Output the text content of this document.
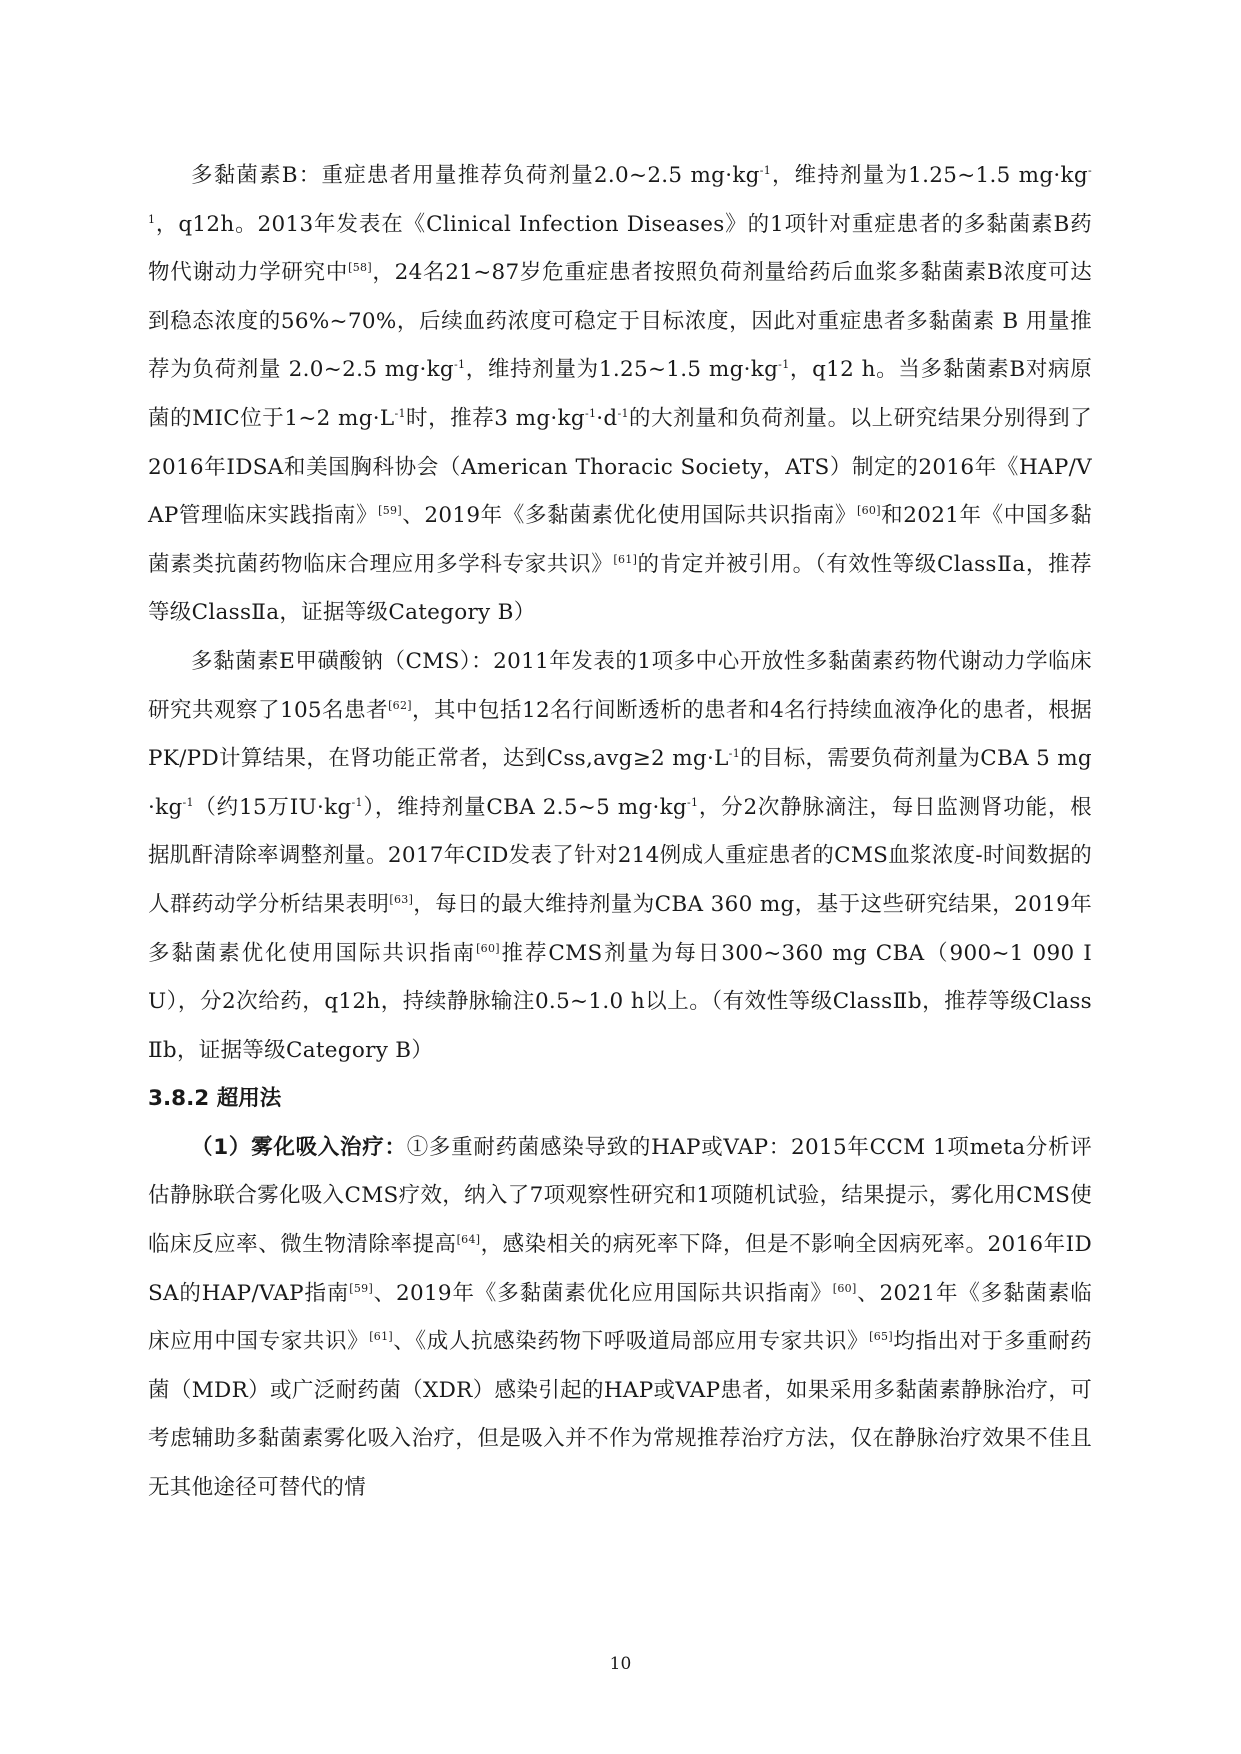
多黏菌素B：重症患者用量推荐负荷剂量2.0~2.5 $mg\cdot kg^{-1}$，维持剂量为1.25~1.5 $mg\cdot kg^{-1}$，q12h。2013年发表在《Clinical Infection Diseases》的1项针对重症患者的多黏菌素B药物代谢动力学研究中[58]，24名21~87岁危重症患者按照负荷剂量给药后血浆多黏菌素B浓度可达到稳态浓度的56%~70%，后续血药浓度可稳定于目标浓度，因此对重症患者多黏菌素 B 用量推荐为负荷剂量 2.0~2.5 $mg\cdot kg^{-1}$，维持剂量为1.25~1.5 $mg\cdot kg^{-1}$，q12 h。当多黏菌素B对病原菌的MIC位于1~2 $mg\cdot L^{-1}$时，推荐3 $mg\cdot kg^{-1}\cdot d^{-1}$的大剂量和负荷剂量。以上研究结果分别得到了2016年IDSA和美国胸科协会（American Thoracic Society，ATS）制定的2016年《HAP/VAP管理临床实践指南》[59]、2019年《多黏菌素优化使用国际共识指南》[60]和2021年《中国多黏菌素类抗菌药物临床合理应用多学科专家共识》[61]的肯定并被引用。（有效性等级ClassⅡa，推荐等级ClassⅡa，证据等级Category B）

多黏菌素E甲磺酸钠（CMS）：2011年发表的1项多中心开放性多黏菌素药物代谢动力学临床研究共观察了105名患者[62]，其中包括12名行间断透析的患者和4名行持续血液净化的患者，根据PK/PD计算结果，在肾功能正常者，达到Css,avg≥2 $mg\cdot L^{-1}$的目标，需要负荷剂量为CBA 5 $mg\cdot kg^{-1}$（约15万$IU\cdot kg^{-1}$），维持剂量CBA 2.5~5 $mg\cdot kg^{-1}$，分2次静脉滴注，每日监测肾功能，根据肌酐清除率调整剂量。2017年CID发表了针对214例成人重症患者的CMS血浆浓度-时间数据的人群药动学分析结果表明[63]，每日的最大维持剂量为CBA 360 mg，基于这些研究结果，2019年多黏菌素优化使用国际共识指南[60]推荐CMS剂量为每日300~360 mg CBA（900~1 090 IU），分2次给药，q12h，持续静脉输注0.5~1.0 h以上。（有效性等级ClassⅡb，推荐等级ClassⅡb，证据等级Category B）

3.8.2 超用法

（1）雾化吸入治疗：①多重耐药菌感染导致的HAP或VAP：2015年CCM 1项meta分析评估静脉联合雾化吸入CMS疗效，纳入了7项观察性研究和1项随机试验，结果提示，雾化用CMS使临床反应率、微生物清除率提高[64]，感染相关的病死率下降，但是不影响全因病死率。2016年IDSA的HAP/VAP指南[59]、2019年《多黏菌素优化应用国际共识指南》[60]、2021年《多黏菌素临床应用中国专家共识》[61]、《成人抗感染药物下呼吸道局部应用专家共识》[65]均指出对于多重耐药菌（MDR）或广泛耐药菌（XDR）感染引起的HAP或VAP患者，如果采用多黏菌素静脉治疗，可考虑辅助多黏菌素雾化吸入治疗，但是吸入并不作为常规推荐治疗方法，仅在静脉治疗效果不佳且无其他途径可替代的情

10
